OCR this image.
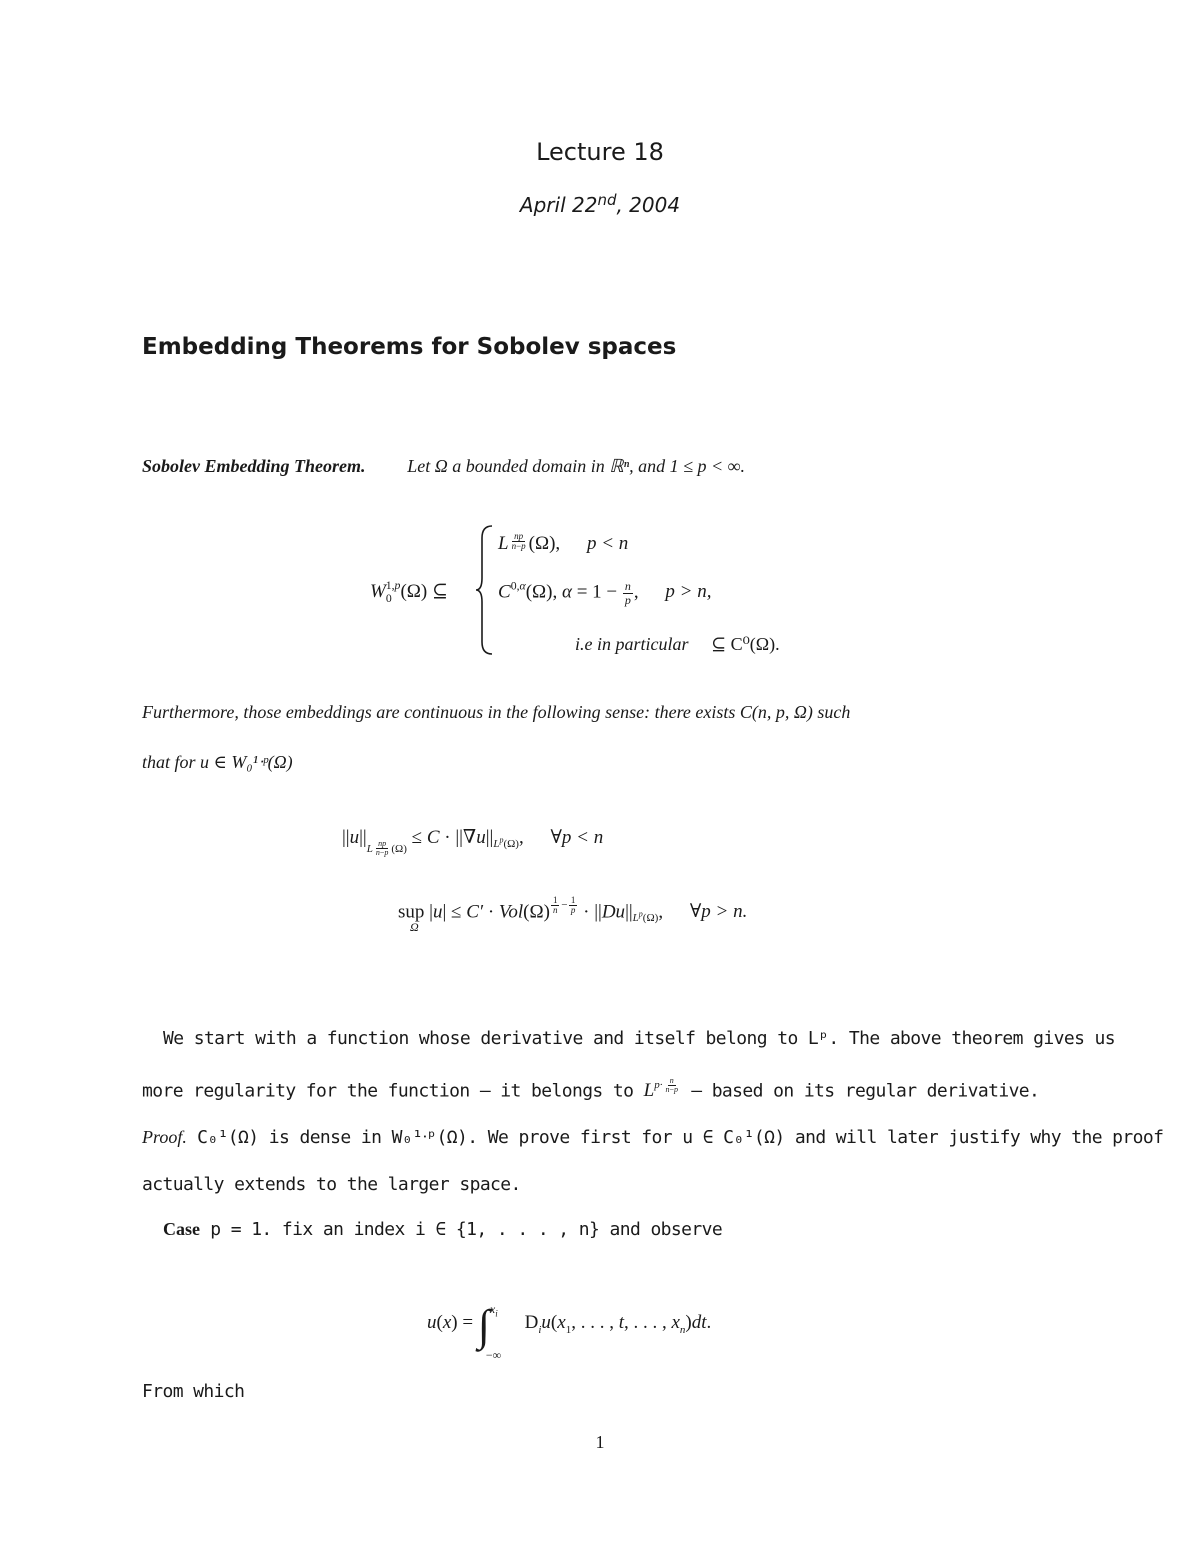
Lecture 18
April 22nd, 2004
Embedding Theorems for Sobolev spaces
Sobolev Embedding Theorem. Let Ω a bounded domain in ℝⁿ, and 1 ≤ p < ∞.
$W_0^{1,p}(\Omega)$ ⊆
L $\frac{np}{n-p} (\Omega)$, p < n
$C^{0,\alpha}(\Omega)$, $\alpha = 1 - \frac{n}{p}$ , p > n,
i.e in particular ⊆ C⁰(Ω).
Furthermore, those embeddings are continuous in the following sense: there exists C(n, p, Ω) such
that for u ∈ W₀¹ᐧᵖ(Ω)
$||u||_{L \frac{np}{n-p} (\Omega)} \le C \cdot ||\nabla u||_{L^p(\Omega)}$, ∀p < n
sup |u| ≤ C′ · Vol(Ω) $^{\frac{1}{n} - \frac{1}{p}} \cdot ||Du||_{L^p(\Omega)}$, ∀p > n.
Ω
We start with a function whose derivative and itself belong to Lᵖ. The above theorem gives us
more regularity for the function – it belongs to $L^{p\cdot \frac{n}{n-p}}$ – based on its regular derivative.
Proof. C₀¹(Ω) is dense in W₀¹ᐧᵖ(Ω). We prove first for u ∈ C₀¹(Ω) and will later justify why the proof
actually extends to the larger space.
Case p = 1. fix an index i ∈ {1, . . . , n} and observe
u(x) = ∫ $x_i$
−∞
$D_iu(x_1$, . . . , t, . . . , $x_n)dt$.
From which
1
